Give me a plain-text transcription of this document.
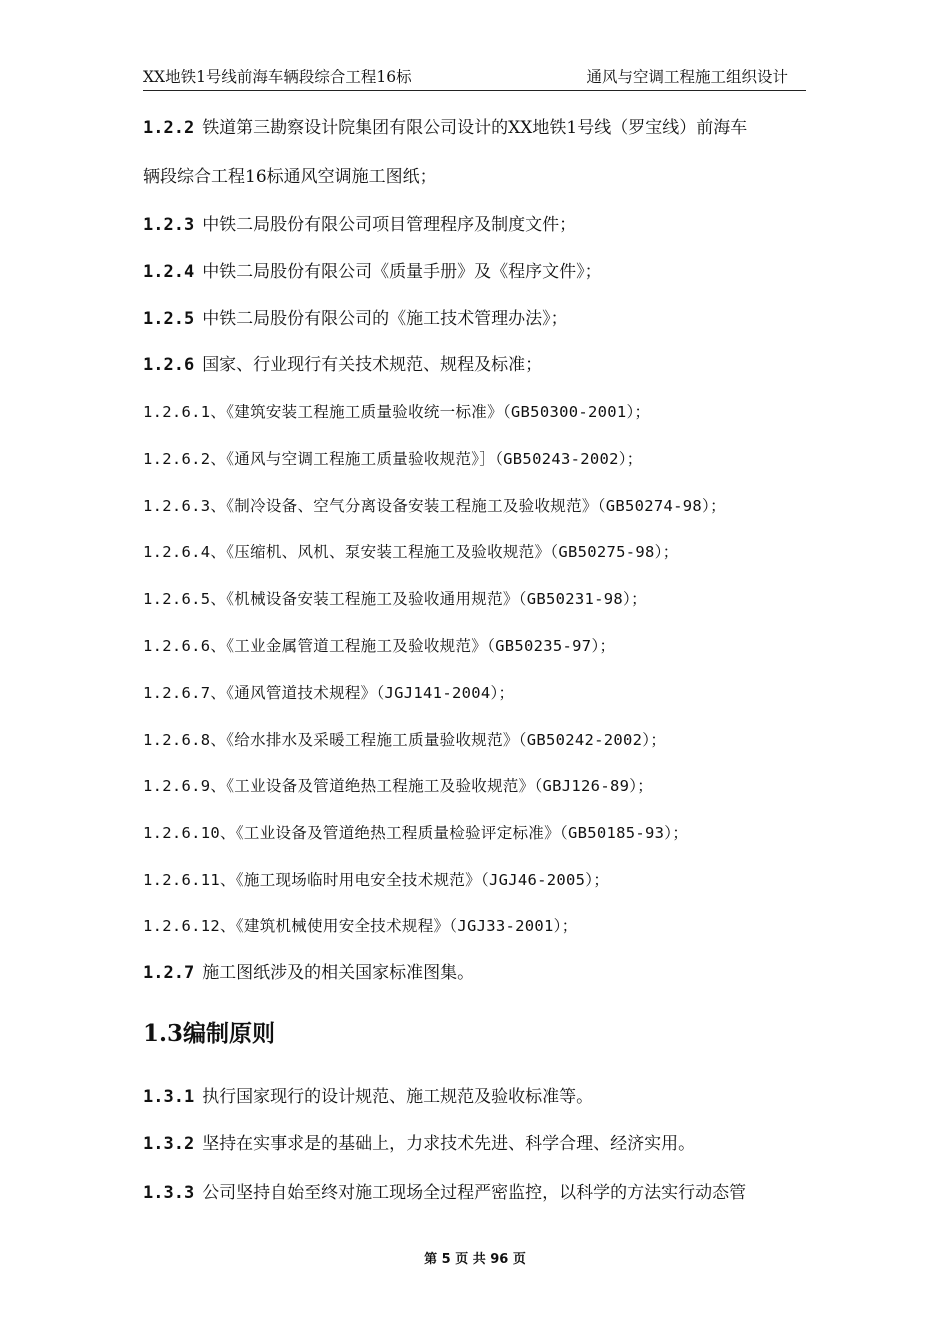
XX地铁1号线前海车辆段综合工程16标	通风与空调工程施工组织设计
1.2.2 铁道第三勘察设计院集团有限公司设计的XX地铁1号线（罗宝线）前海车
辆段综合工程16标通风空调施工图纸；
1.2.3 中铁二局股份有限公司项目管理程序及制度文件；
1.2.4 中铁二局股份有限公司《质量手册》及《程序文件》；
1.2.5 中铁二局股份有限公司的《施工技术管理办法》；
1.2.6 国家、行业现行有关技术规范、规程及标准；
1.2.6.1、《建筑安装工程施工质量验收统一标准》（GB50300-2001）；
1.2.6.2、《通风与空调工程施工质量验收规范》］（GB50243-2002）；
1.2.6.3、《制冷设备、空气分离设备安装工程施工及验收规范》（GB50274-98）；
1.2.6.4、《压缩机、风机、泵安装工程施工及验收规范》（GB50275-98）；
1.2.6.5、《机械设备安装工程施工及验收通用规范》（GB50231-98）；
1.2.6.6、《工业金属管道工程施工及验收规范》（GB50235-97）；
1.2.6.7、《通风管道技术规程》（JGJ141-2004）；
1.2.6.8、《给水排水及采暖工程施工质量验收规范》（GB50242-2002）；
1.2.6.9、《工业设备及管道绝热工程施工及验收规范》（GBJ126-89）；
1.2.6.10、《工业设备及管道绝热工程质量检验评定标准》（GB50185-93）；
1.2.6.11、《施工现场临时用电安全技术规范》（JGJ46-2005）；
1.2.6.12、《建筑机械使用安全技术规程》（JGJ33-2001）；
1.2.7 施工图纸涉及的相关国家标准图集。
1.3编制原则
1.3.1 执行国家现行的设计规范、施工规范及验收标准等。
1.3.2 坚持在实事求是的基础上，力求技术先进、科学合理、经济实用。
1.3.3 公司坚持自始至终对施工现场全过程严密监控，以科学的方法实行动态管
第 5 页 共 96 页
